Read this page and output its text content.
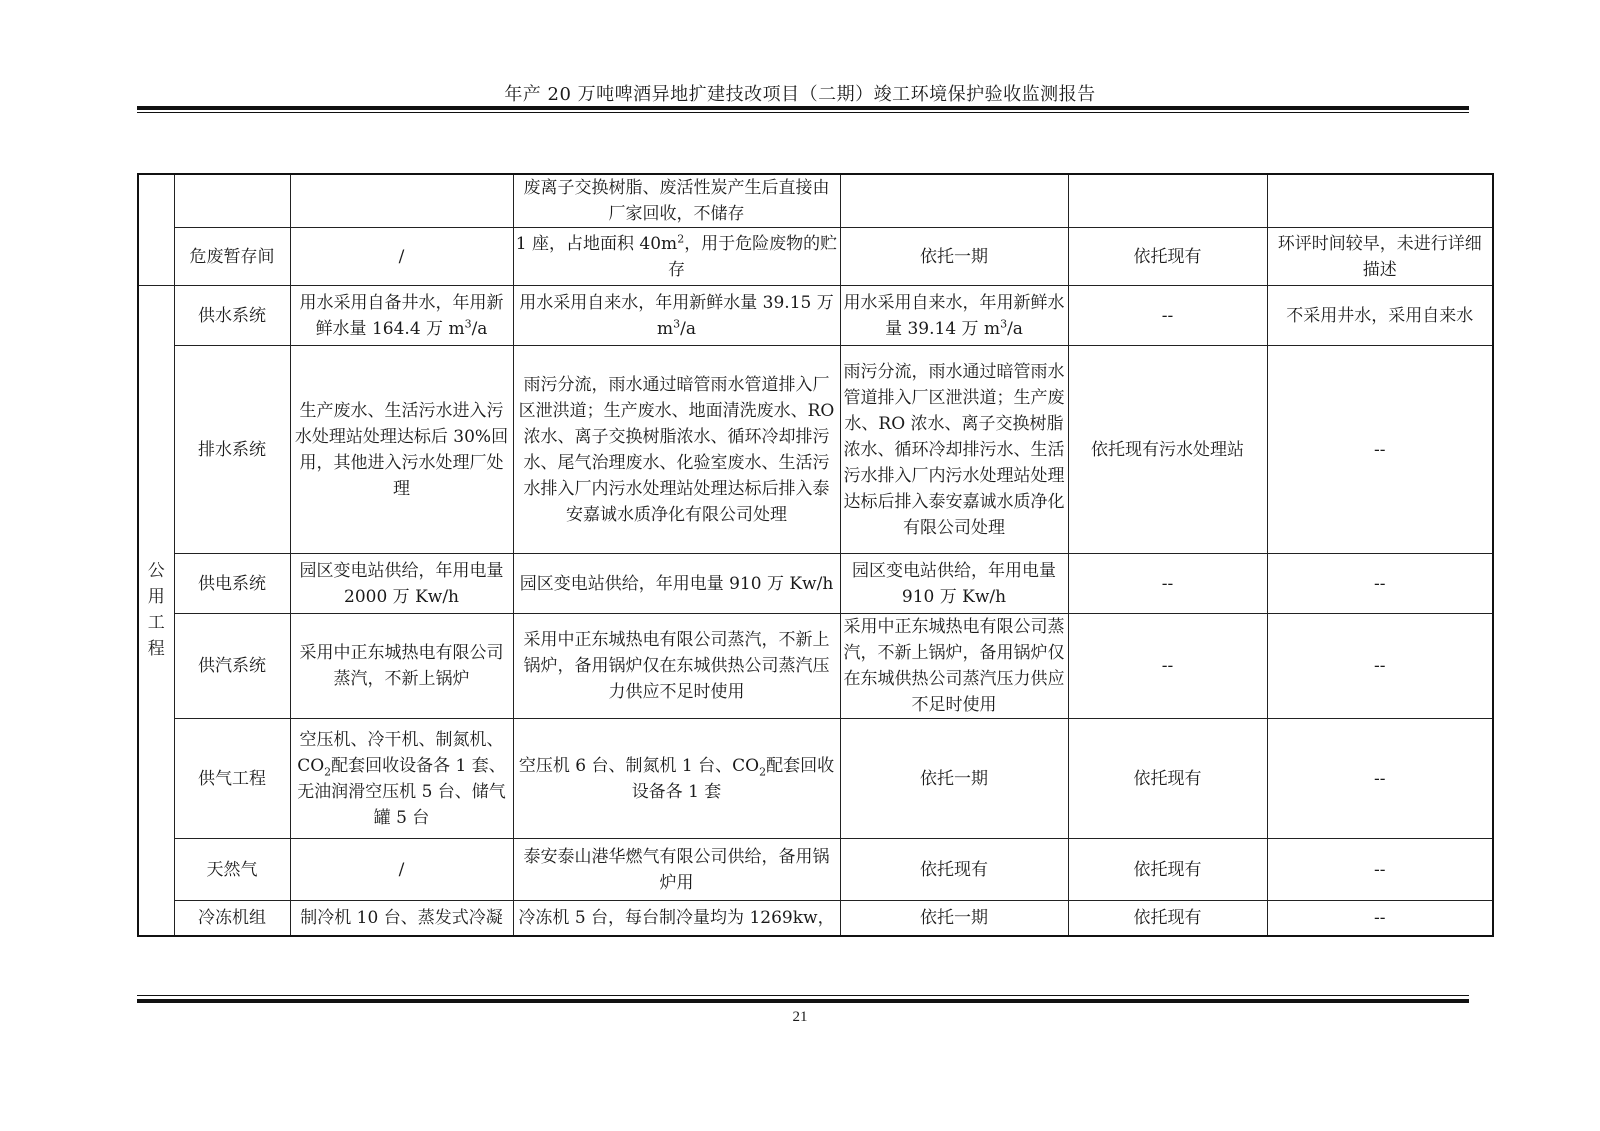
年产 20 万吨啤酒异地扩建技改项目（二期）竣工环境保护验收监测报告
			废离子交换树脂、废活性炭产生后直接由厂家回收，不储存			
	危废暂存间	/	1 座，占地面积 $40m^2$，用于危险废物的贮存	依托一期	依托现有	环评时间较早，未进行详细描述

公
用
工
程	供水系统	用水采用自备井水，年用新鲜水量 164.4 万 $m^3/a$	用水采用自来水，年用新鲜水量 39.15 万 $m^3/a$	用水采用自来水，年用新鲜水量 39.14 万 $m^3/a$	--	不采用井水，采用自来水
	排水系统	生产废水、生活污水进入污水处理站处理达标后 30%回用，其他进入污水处理厂处理	雨污分流，雨水通过暗管雨水管道排入厂区泄洪道；生产废水、地面清洗废水、RO 浓水、离子交换树脂浓水、循环冷却排污水、尾气治理废水、化验室废水、生活污水排入厂内污水处理站处理达标后排入泰安嘉诚水质净化有限公司处理	雨污分流，雨水通过暗管雨水管道排入厂区泄洪道；生产废水、RO 浓水、离子交换树脂浓水、循环冷却排污水、生活污水排入厂内污水处理站处理达标后排入泰安嘉诚水质净化有限公司处理	依托现有污水处理站	--
	供电系统	园区变电站供给，年用电量 2000 万 Kw/h	园区变电站供给，年用电量 910 万 Kw/h	园区变电站供给，年用电量 910 万 Kw/h	--	--
	供汽系统	采用中正东城热电有限公司蒸汽，不新上锅炉	采用中正东城热电有限公司蒸汽，不新上锅炉，备用锅炉仅在东城供热公司蒸汽压力供应不足时使用	采用中正东城热电有限公司蒸汽，不新上锅炉，备用锅炉仅在东城供热公司蒸汽压力供应不足时使用	--	--
	供气工程	空压机、冷干机、制氮机、$CO_2$配套回收设备各 1 套、无油润滑空压机 5 台、储气罐 5 台	空压机 6 台、制氮机 1 台、$CO_2$配套回收设备各 1 套	依托一期	依托现有	--
	天然气	/	泰安泰山港华燃气有限公司供给，备用锅炉用	依托现有	依托现有	--
	冷冻机组	制冷机 10 台、蒸发式冷凝	冷冻机 5 台，每台制冷量均为 1269kw，	依托一期	依托现有	--
21
